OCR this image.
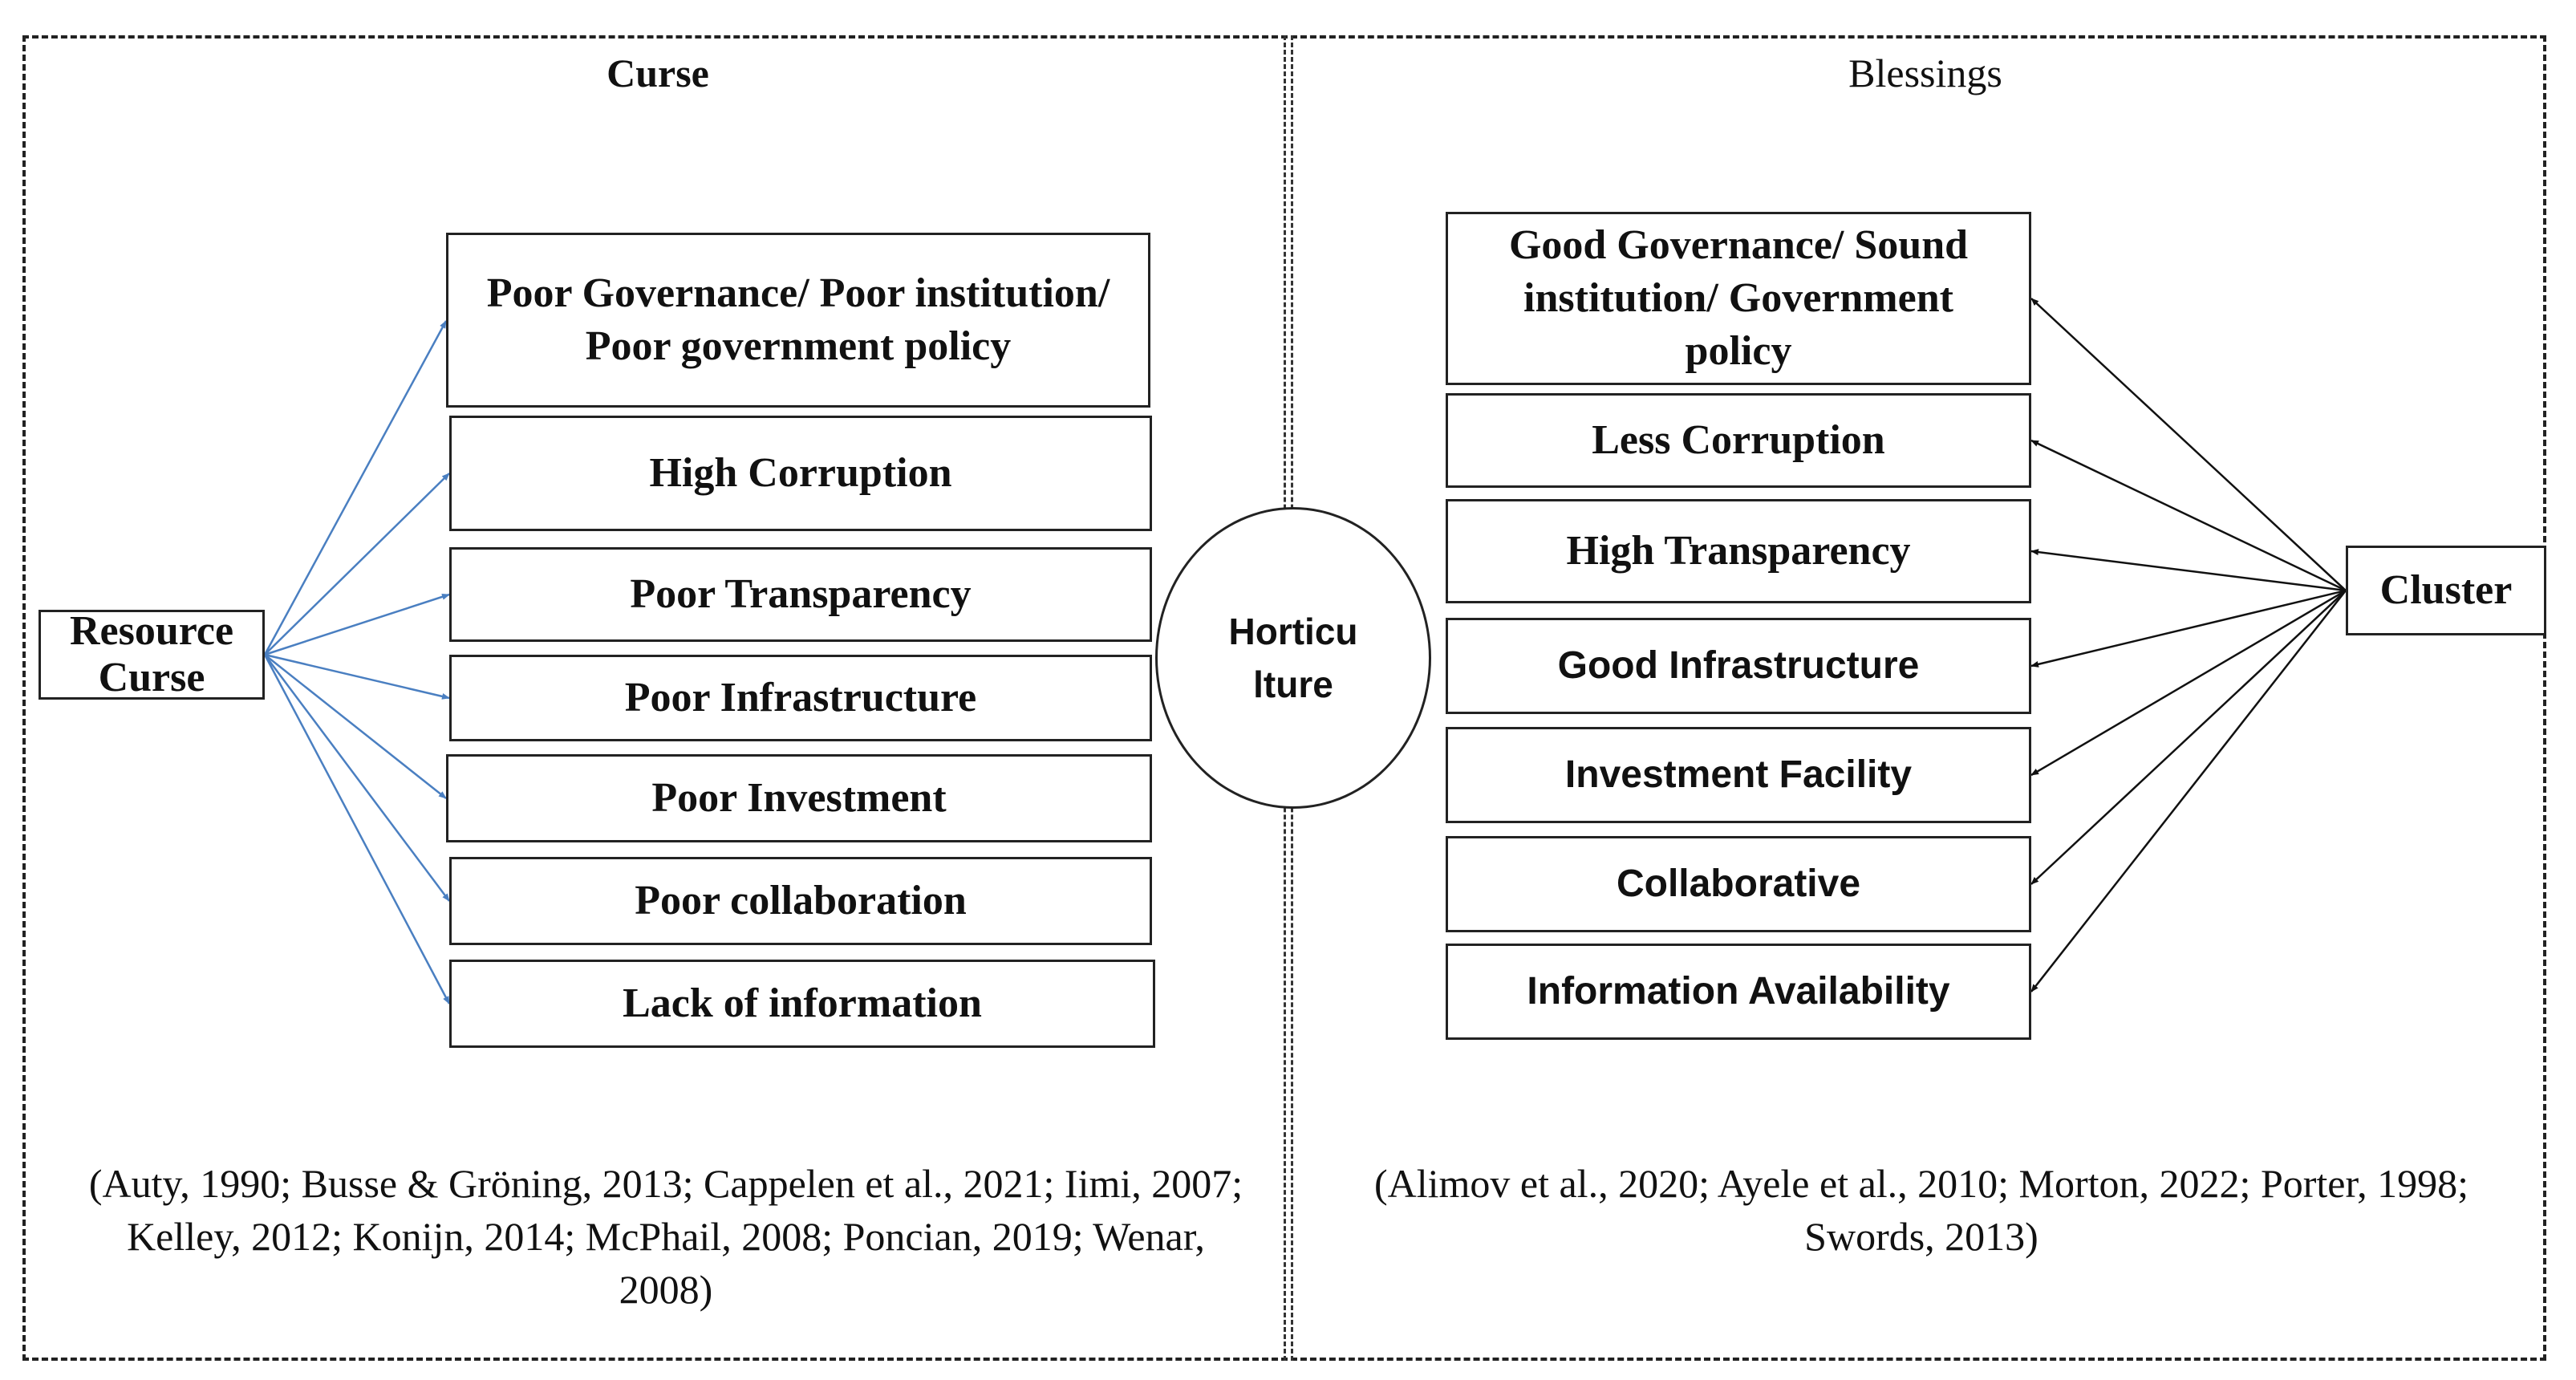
Curse
Resource Curse
Poor Governance/ Poor institution/ Poor government policy
High Corruption
Poor Transparency
Poor Infrastructure
Poor Investment
Poor collaboration
Lack of information
(Auty, 1990; Busse & Gröning, 2013; Cappelen et al., 2021; Iimi, 2007; Kelley, 2012; Konijn, 2014; McPhail, 2008; Poncian, 2019; Wenar, 2008)
Horticu lture
Blessings
Cluster
Good Governance/ Sound institution/ Government policy
Less Corruption
High Transparency
Good Infrastructure
Investment Facility
Collaborative
Information Availability
(Alimov et al., 2020; Ayele et al., 2010; Morton, 2022; Porter, 1998; Swords, 2013)
